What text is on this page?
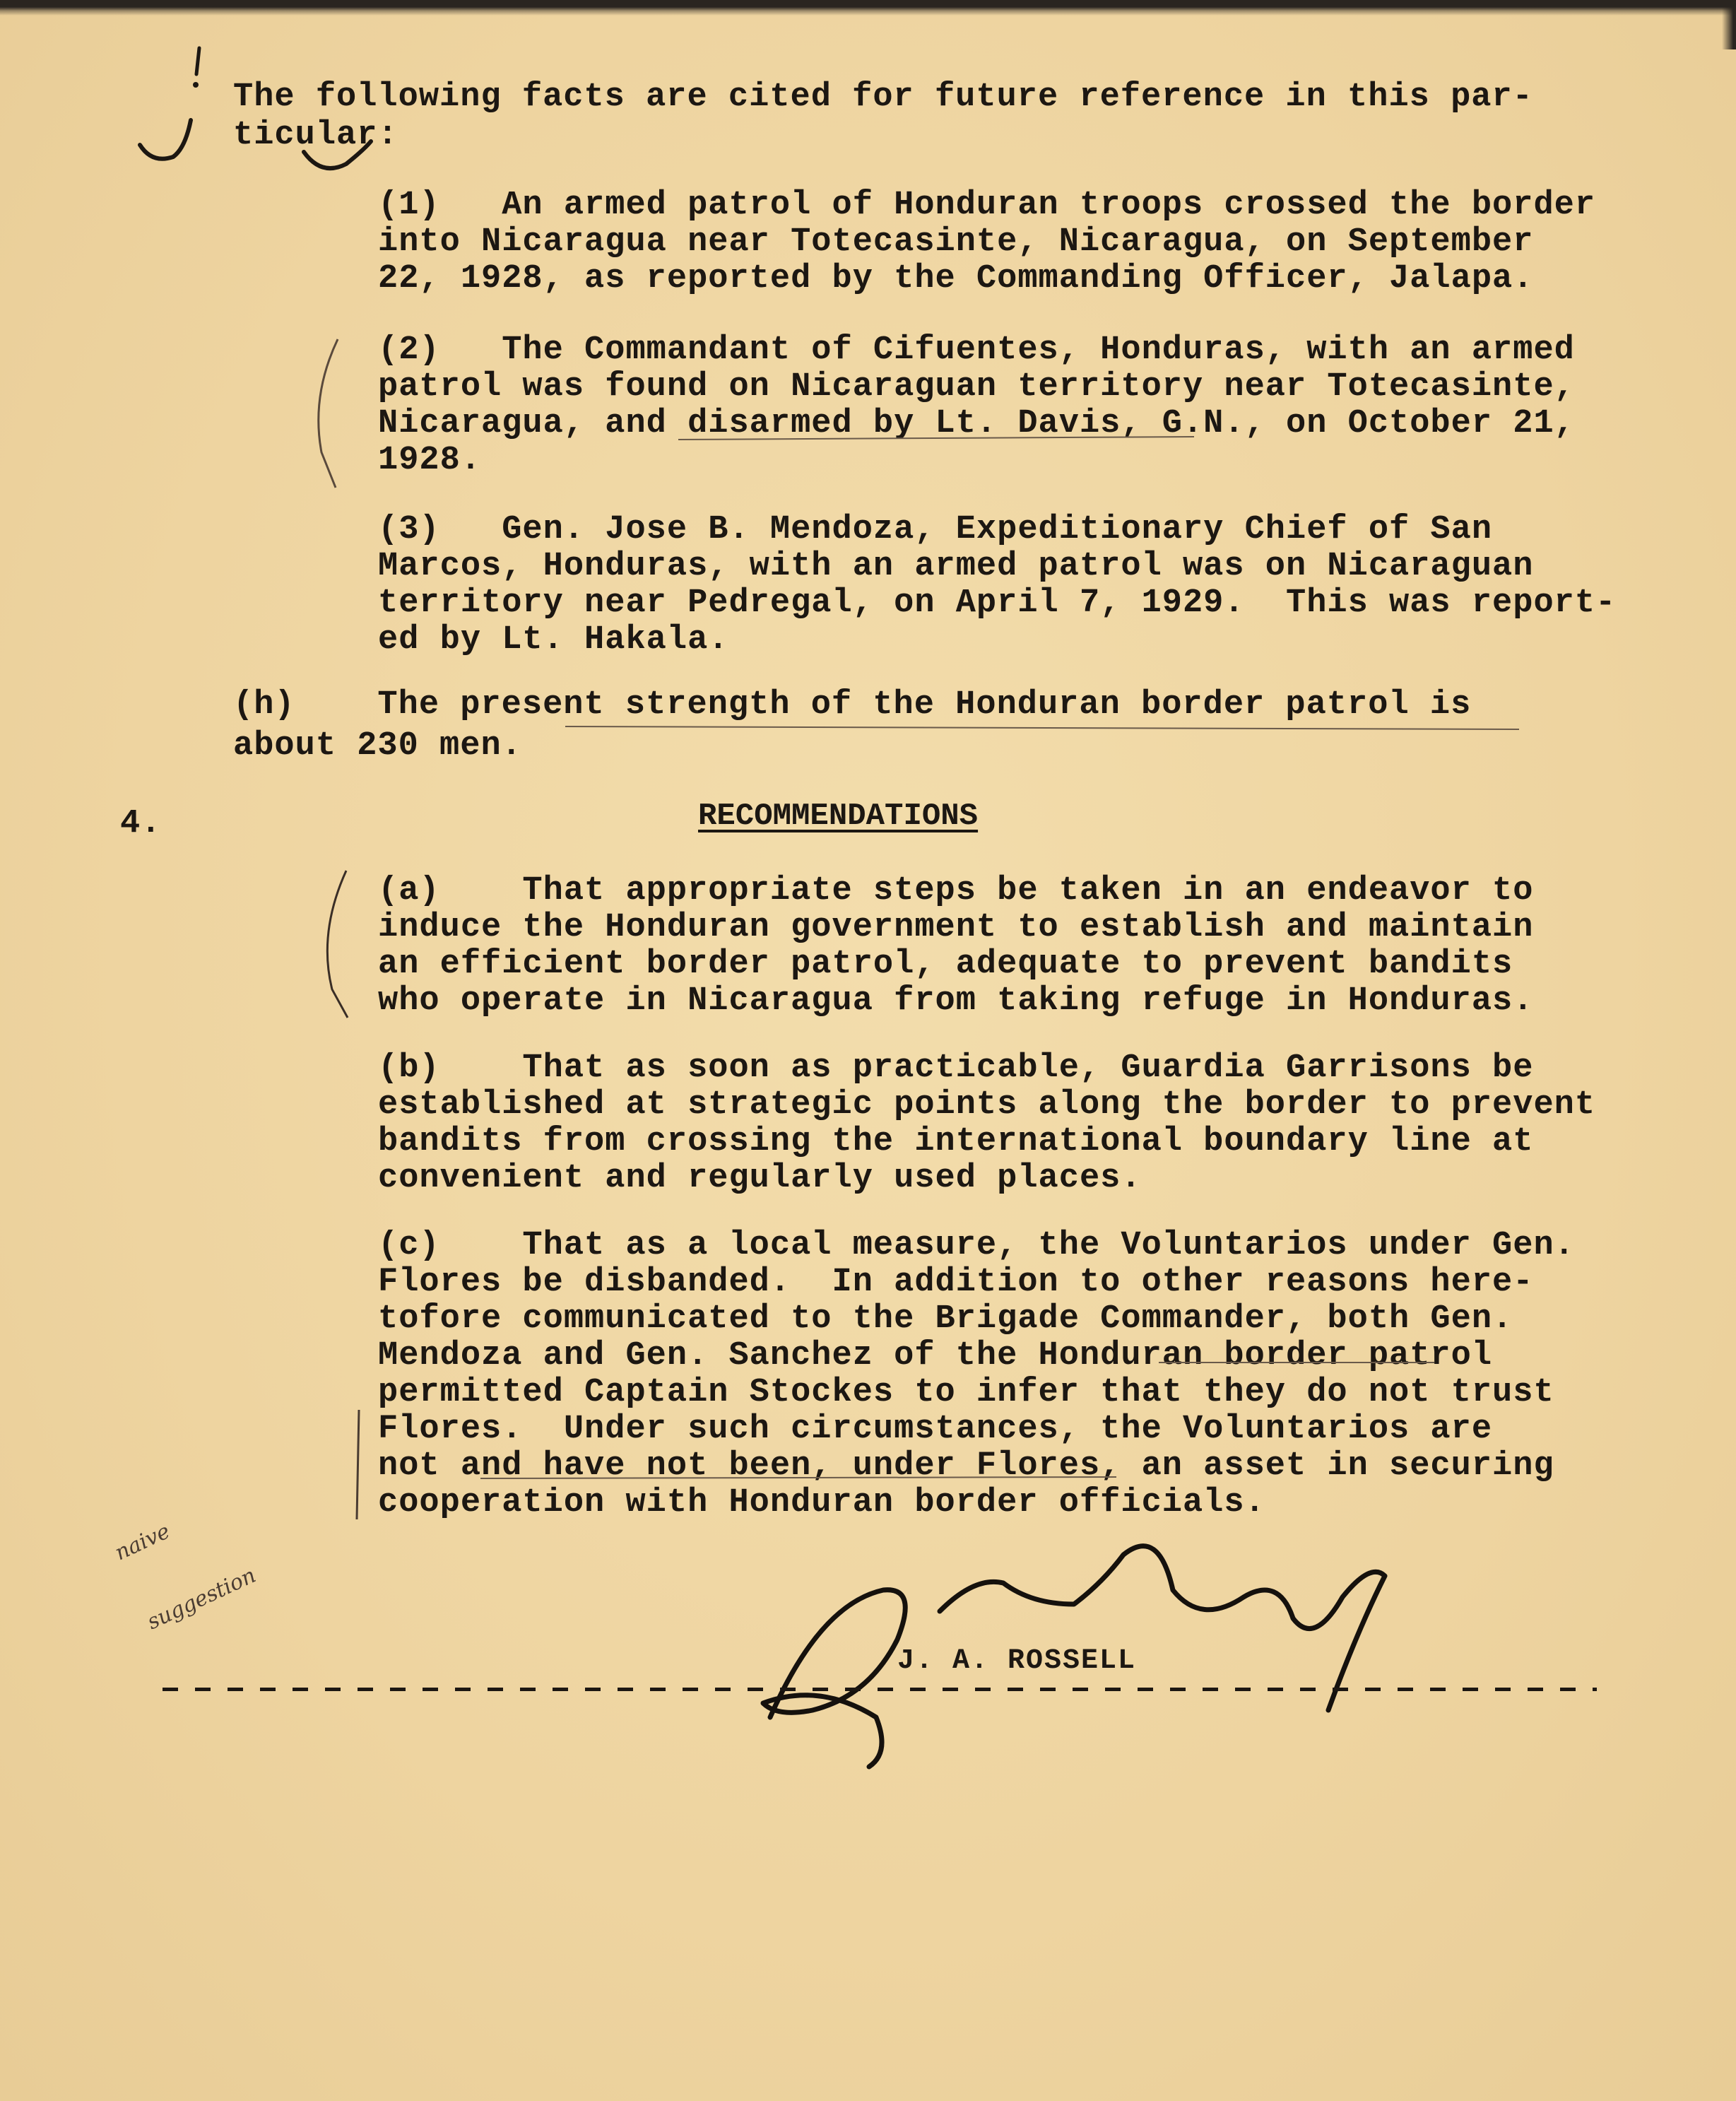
The following facts are cited for future reference in this par-
ticular:
(1)   An armed patrol of Honduran troops crossed the border
into Nicaragua near Totecasinte, Nicaragua, on September
22, 1928, as reported by the Commanding Officer, Jalapa.
(2)   The Commandant of Cifuentes, Honduras, with an armed
patrol was found on Nicaraguan territory near Totecasinte,
Nicaragua, and disarmed by Lt. Davis, G.N., on October 21,
1928.
(3)   Gen. Jose B. Mendoza, Expeditionary Chief of San
Marcos, Honduras, with an armed patrol was on Nicaraguan
territory near Pedregal, on April 7, 1929.  This was report-
ed by Lt. Hakala.
(h)    The present strength of the Honduran border patrol is
about 230 men.
4.	RECOMMENDATIONS
(a)    That appropriate steps be taken in an endeavor to
induce the Honduran government to establish and maintain
an efficient border patrol, adequate to prevent bandits
who operate in Nicaragua from taking refuge in Honduras.
(b)    That as soon as practicable, Guardia Garrisons be
established at strategic points along the border to prevent
bandits from crossing the international boundary line at
convenient and regularly used places.
(c)    That as a local measure, the Voluntarios under Gen.
Flores be disbanded.  In addition to other reasons here-
tofore communicated to the Brigade Commander, both Gen.
Mendoza and Gen. Sanchez of the Honduran border patrol
permitted Captain Stockes to infer that they do not trust
Flores.  Under such circumstances, the Voluntarios are
not and have not been, under Flores, an asset in securing
cooperation with Honduran border officials.

naive

suggestion

J. A. ROSSELL
